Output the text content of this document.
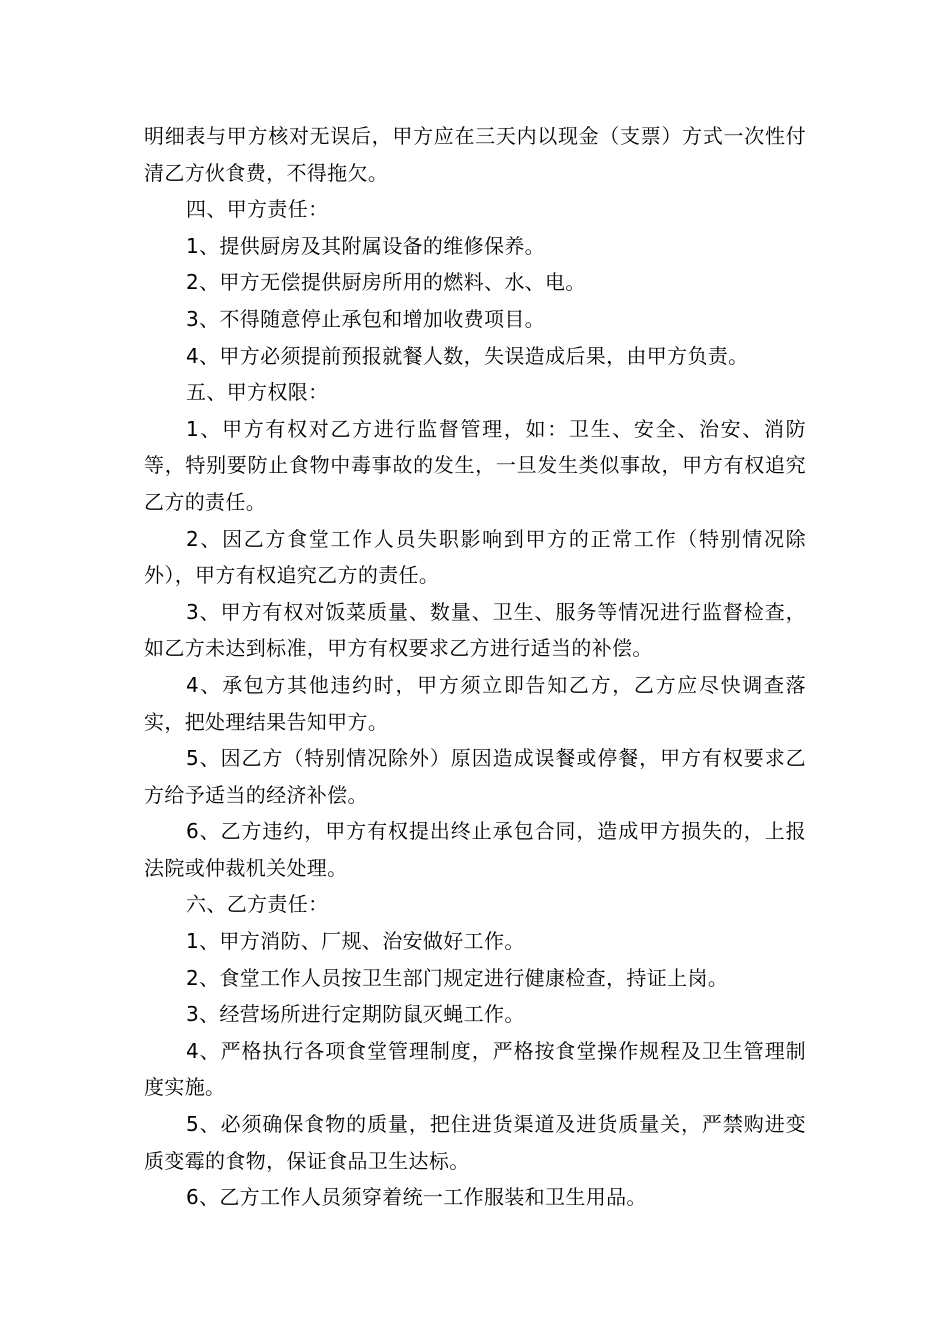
明细表与甲方核对无误后，甲方应在三天内以现金（支票）方式一次性付清乙方伙食费，不得拖欠。

四、甲方责任：

1、提供厨房及其附属设备的维修保养。

2、甲方无偿提供厨房所用的燃料、水、电。

3、不得随意停止承包和增加收费项目。

4、甲方必须提前预报就餐人数，失误造成后果，由甲方负责。

五、甲方权限：

1、甲方有权对乙方进行监督管理，如：卫生、安全、治安、消防等，特别要防止食物中毒事故的发生，一旦发生类似事故，甲方有权追究乙方的责任。

2、因乙方食堂工作人员失职影响到甲方的正常工作（特别情况除外），甲方有权追究乙方的责任。

3、甲方有权对饭菜质量、数量、卫生、服务等情况进行监督检查，如乙方未达到标准，甲方有权要求乙方进行适当的补偿。

4、承包方其他违约时，甲方须立即告知乙方，乙方应尽快调查落实，把处理结果告知甲方。

5、因乙方（特别情况除外）原因造成误餐或停餐，甲方有权要求乙方给予适当的经济补偿。

6、乙方违约，甲方有权提出终止承包合同，造成甲方损失的，上报法院或仲裁机关处理。

六、乙方责任：

1、甲方消防、厂规、治安做好工作。

2、食堂工作人员按卫生部门规定进行健康检查，持证上岗。

3、经营场所进行定期防鼠灭蝇工作。

4、严格执行各项食堂管理制度，严格按食堂操作规程及卫生管理制度实施。

5、必须确保食物的质量，把住进货渠道及进货质量关，严禁购进变质变霉的食物，保证食品卫生达标。

6、乙方工作人员须穿着统一工作服装和卫生用品。
